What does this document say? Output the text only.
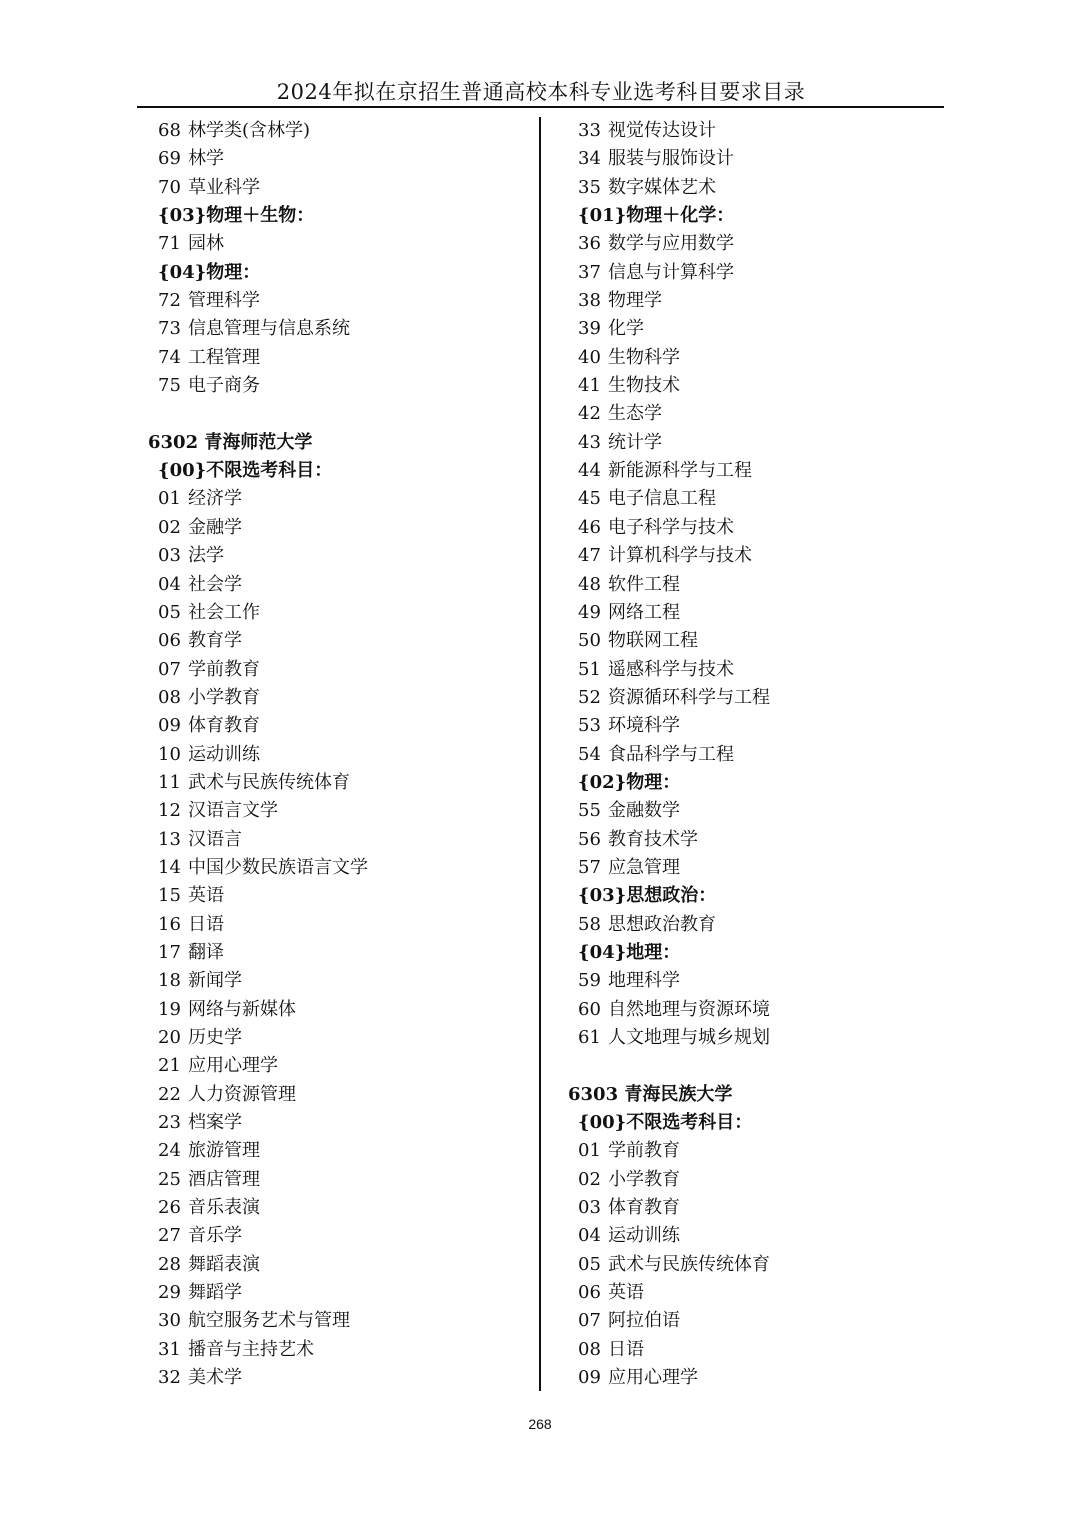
2024年拟在京招生普通高校本科专业选考科目要求目录
68 林学类(含林学)
69 林学
70 草业科学
{03}物理＋生物：
71 园林
{04}物理：
72 管理科学
73 信息管理与信息系统
74 工程管理
75 电子商务
6302 青海师范大学
{00}不限选考科目：
01 经济学
02 金融学
03 法学
04 社会学
05 社会工作
06 教育学
07 学前教育
08 小学教育
09 体育教育
10 运动训练
11 武术与民族传统体育
12 汉语言文学
13 汉语言
14 中国少数民族语言文学
15 英语
16 日语
17 翻译
18 新闻学
19 网络与新媒体
20 历史学
21 应用心理学
22 人力资源管理
23 档案学
24 旅游管理
25 酒店管理
26 音乐表演
27 音乐学
28 舞蹈表演
29 舞蹈学
30 航空服务艺术与管理
31 播音与主持艺术
32 美术学
33 视觉传达设计
34 服装与服饰设计
35 数字媒体艺术
{01}物理＋化学：
36 数学与应用数学
37 信息与计算科学
38 物理学
39 化学
40 生物科学
41 生物技术
42 生态学
43 统计学
44 新能源科学与工程
45 电子信息工程
46 电子科学与技术
47 计算机科学与技术
48 软件工程
49 网络工程
50 物联网工程
51 遥感科学与技术
52 资源循环科学与工程
53 环境科学
54 食品科学与工程
{02}物理：
55 金融数学
56 教育技术学
57 应急管理
{03}思想政治：
58 思想政治教育
{04}地理：
59 地理科学
60 自然地理与资源环境
61 人文地理与城乡规划
6303 青海民族大学
{00}不限选考科目：
01 学前教育
02 小学教育
03 体育教育
04 运动训练
05 武术与民族传统体育
06 英语
07 阿拉伯语
08 日语
09 应用心理学
268
